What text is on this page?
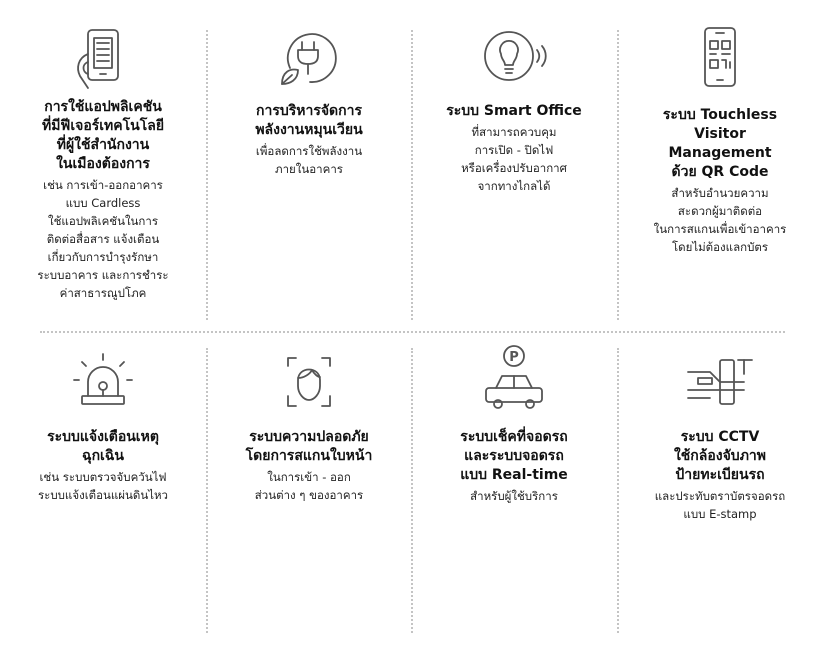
การใช้แอปพลิเคชัน
ที่มีฟีเจอร์เทคโนโลยี
ที่ผู้ใช้สำนักงาน
ในเมืองต้องการ
เช่น การเข้า-ออกอาคาร
แบบ Cardless
ใช้แอปพลิเคชันในการ
ติดต่อสื่อสาร แจ้งเตือน
เกี่ยวกับการบำรุงรักษา
ระบบอาคาร และการชำระ
ค่าสาธารณูปโภค
การบริหารจัดการ
พลังงานหมุนเวียน
เพื่อลดการใช้พลังงาน
ภายในอาคาร
ระบบ Smart Office
ที่สามารถควบคุม
การเปิด - ปิดไฟ
หรือเครื่องปรับอากาศ
จากทางไกลได้
ระบบ Touchless
Visitor
Management
ด้วย QR Code
สำหรับอำนวยความ
สะดวกผู้มาติดต่อ
ในการสแกนเพื่อเข้าอาคาร
โดยไม่ต้องแลกบัตร
ระบบแจ้งเตือนเหตุ
ฉุกเฉิน
เช่น ระบบตรวจจับควันไฟ
ระบบแจ้งเตือนแผ่นดินไหว
ระบบความปลอดภัย
โดยการสแกนใบหน้า
ในการเข้า - ออก
ส่วนต่าง ๆ ของอาคาร
P
ระบบเช็คที่จอดรถ
และระบบจอดรถ
แบบ Real-time
สำหรับผู้ใช้บริการ
ระบบ CCTV
ใช้กล้องจับภาพ
ป้ายทะเบียนรถ
และประทับตราบัตรจอดรถ
แบบ E-stamp
